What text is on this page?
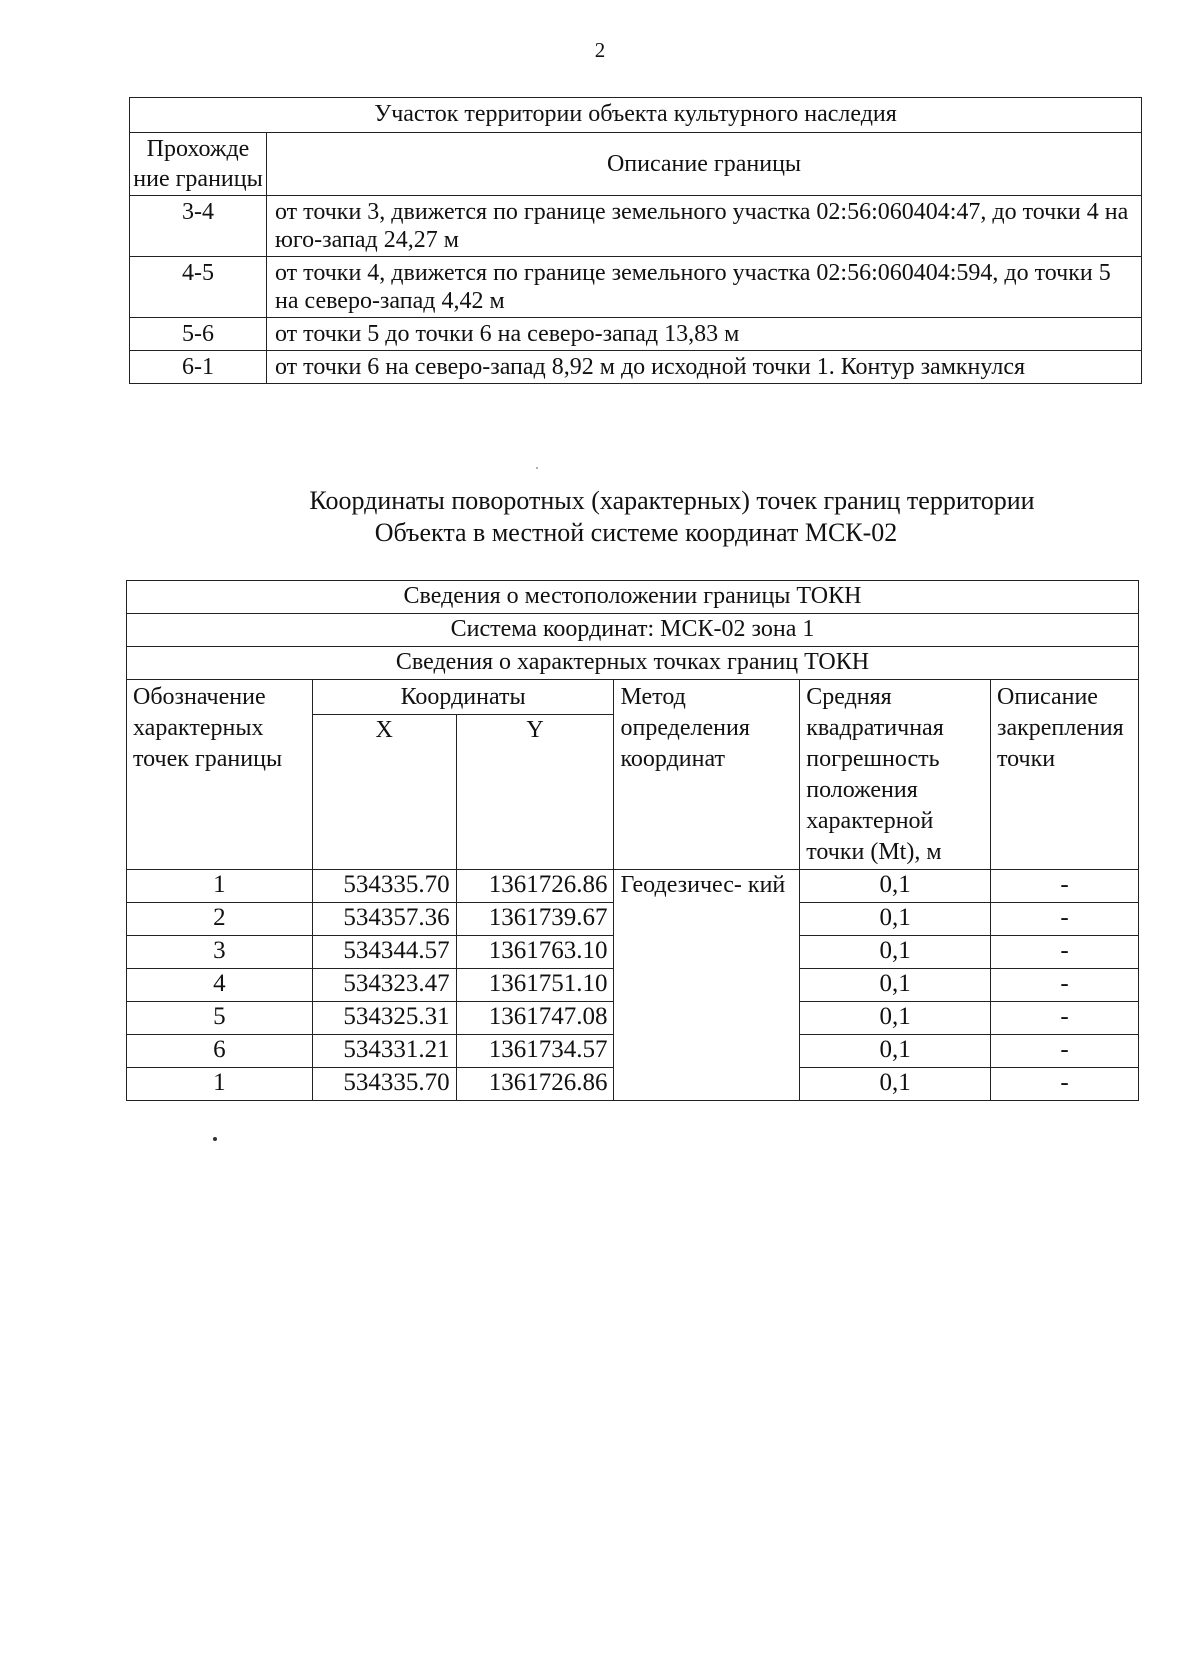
2
Участок территории объекта культурного наследия	
Прохожде ние границы	Описание границы
3-4	от точки 3, движется по границе земельного участка 02:56:060404:47, до точки 4 на юго-запад 24,27 м
4-5	от точки 4, движется по границе земельного участка 02:56:060404:594, до точки 5 на северо-запад 4,42 м
5-6	от точки 5 до точки 6 на северо-запад 13,83 м
6-1	от точки 6 на северо-запад 8,92 м до исходной точки 1. Контур замкнулся
Координаты поворотных (характерных) точек границ территории
Объекта в местной системе координат МСК-02
Сведения о местоположении границы ТОКН					
Система координат: МСК-02 зона 1					
Сведения о характерных точках границ ТОКН					
Обозначение характерных точек границы	Координаты		Метод определения координат	Средняя квадратичная погрешность положения характерной точки (Mt), м	Описание закрепления точки
	X	Y			
1	534335.70	1361726.86	Геодезичес- кий	0,1	-
2	534357.36	1361739.67		0,1	-
3	534344.57	1361763.10		0,1	-
4	534323.47	1361751.10		0,1	-
5	534325.31	1361747.08		0,1	-
6	534331.21	1361734.57		0,1	-
1	534335.70	1361726.86		0,1	-
